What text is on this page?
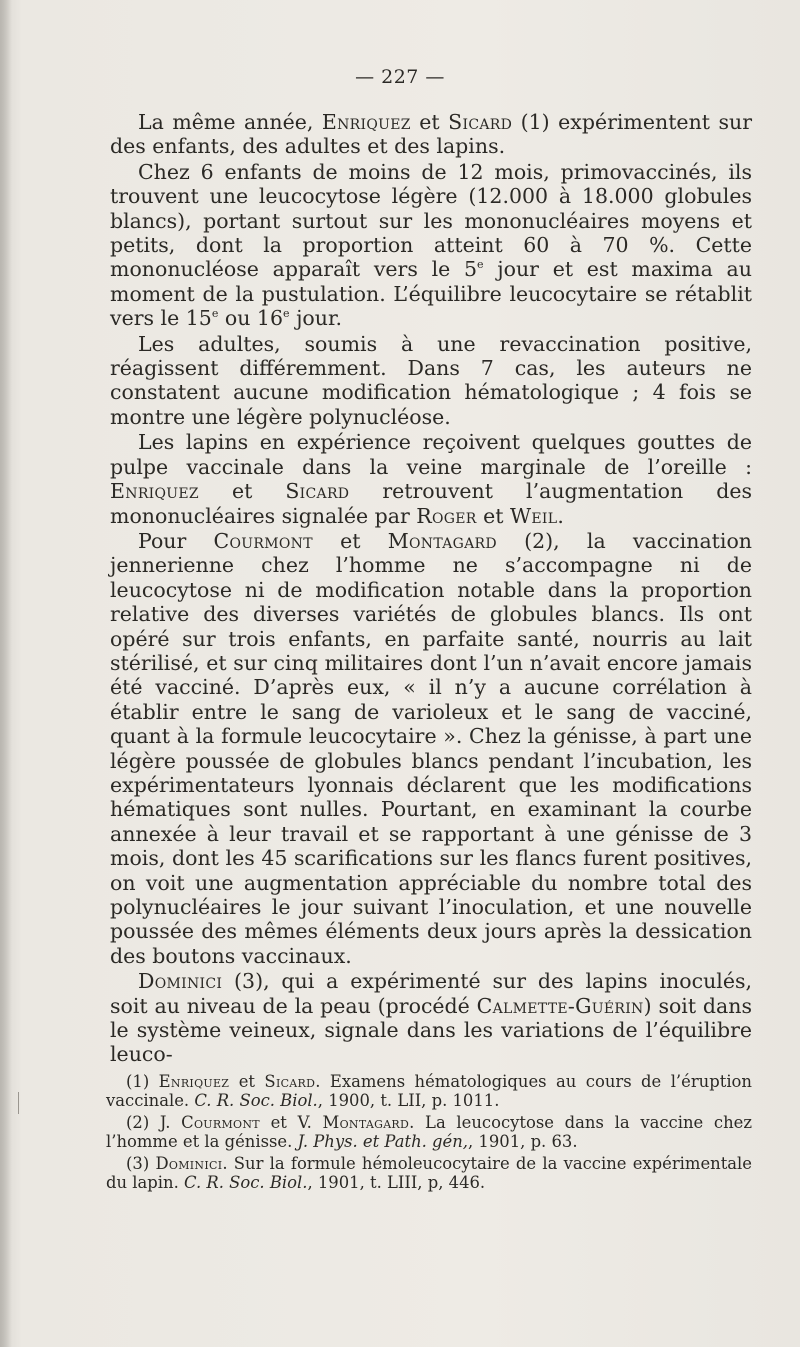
— 227 —

La même année, Enriquez et Sicard (1) expérimentent sur des enfants, des adultes et des lapins.

Chez 6 enfants de moins de 12 mois, primovaccinés, ils trouvent une leucocytose légère (12.000 à 18.000 globules blancs), portant surtout sur les mononucléaires moyens et petits, dont la proportion atteint 60 à 70 %. Cette mononucléose apparaît vers le 5e jour et est maxima au moment de la pustulation. L’équilibre leucocytaire se rétablit vers le 15e ou 16e jour.

Les adultes, soumis à une revaccination positive, réagissent différemment. Dans 7 cas, les auteurs ne constatent aucune modification hématologique ; 4 fois se montre une légère polynucléose.

Les lapins en expérience reçoivent quelques gouttes de pulpe vaccinale dans la veine marginale de l’oreille : Enriquez et Sicard retrouvent l’augmentation des mononucléaires signalée par Roger et Weil.

Pour Courmont et Montagard (2), la vaccination jennerienne chez l’homme ne s’accompagne ni de leucocytose ni de modification notable dans la proportion relative des diverses variétés de globules blancs. Ils ont opéré sur trois enfants, en parfaite santé, nourris au lait stérilisé, et sur cinq militaires dont l’un n’avait encore jamais été vacciné. D’après eux, « il n’y a aucune corrélation à établir entre le sang de varioleux et le sang de vacciné, quant à la formule leucocytaire ». Chez la génisse, à part une légère poussée de globules blancs pendant l’incubation, les expérimentateurs lyonnais déclarent que les modifications hématiques sont nulles. Pourtant, en examinant la courbe annexée à leur travail et se rapportant à une génisse de 3 mois, dont les 45 scarifications sur les flancs furent positives, on voit une augmentation appréciable du nombre total des polynucléaires le jour suivant l’inoculation, et une nouvelle poussée des mêmes éléments deux jours après la dessication des boutons vaccinaux.

Dominici (3), qui a expérimenté sur des lapins inoculés, soit au niveau de la peau (procédé Calmette-Guérin) soit dans le système veineux, signale dans les variations de l’équilibre leuco-

(1) Enriquez et Sicard. Examens hématologiques au cours de l’éruption vaccinale. C. R. Soc. Biol., 1900, t. LII, p. 1011.

(2) J. Courmont et V. Montagard. La leucocytose dans la vaccine chez l’homme et la génisse. J. Phys. et Path. gén,, 1901, p. 63.

(3) Dominici. Sur la formule hémoleucocytaire de la vaccine expérimentale du lapin. C. R. Soc. Biol., 1901, t. LIII, p, 446.
